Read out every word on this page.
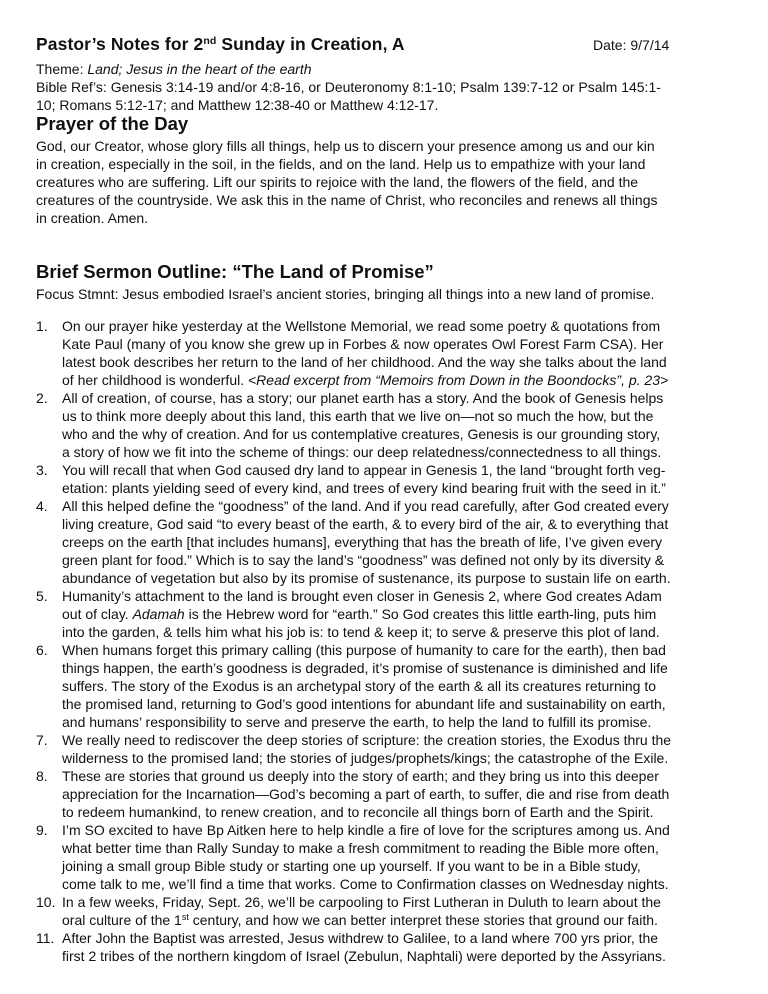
Pastor’s Notes for 2nd Sunday in Creation, A	Date: 9/7/14
Theme: Land; Jesus in the heart of the earth
Bible Ref’s: Genesis 3:14-19 and/or 4:8-16, or Deuteronomy 8:1-10; Psalm 139:7-12 or Psalm 145:1-
10; Romans 5:12-17; and Matthew 12:38-40 or Matthew 4:12-17.
Prayer of the Day
God, our Creator, whose glory fills all things, help us to discern your presence among us and our kin
in creation, especially in the soil, in the fields, and on the land. Help us to empathize with your land
creatures who are suffering. Lift our spirits to rejoice with the land, the flowers of the field, and the
creatures of the countryside. We ask this in the name of Christ, who reconciles and renews all things
in creation. Amen.
Brief Sermon Outline: “The Land of Promise”
Focus Stmnt: Jesus embodied Israel’s ancient stories, bringing all things into a new land of promise.
1. On our prayer hike yesterday at the Wellstone Memorial, we read some poetry & quotations from
Kate Paul (many of you know she grew up in Forbes & now operates Owl Forest Farm CSA). Her
latest book describes her return to the land of her childhood. And the way she talks about the land
of her childhood is wonderful. <Read excerpt from “Memoirs from Down in the Boondocks”, p. 23>
2. All of creation, of course, has a story; our planet earth has a story. And the book of Genesis helps
us to think more deeply about this land, this earth that we live on—not so much the how, but the
who and the why of creation. And for us contemplative creatures, Genesis is our grounding story,
a story of how we fit into the scheme of things: our deep relatedness/connectedness to all things.
3. You will recall that when God caused dry land to appear in Genesis 1, the land “brought forth veg-
etation: plants yielding seed of every kind, and trees of every kind bearing fruit with the seed in it.”
4. All this helped define the “goodness” of the land. And if you read carefully, after God created every
living creature, God said “to every beast of the earth, & to every bird of the air, & to everything that
creeps on the earth [that includes humans], everything that has the breath of life, I’ve given every
green plant for food.” Which is to say the land’s “goodness” was defined not only by its diversity &
abundance of vegetation but also by its promise of sustenance, its purpose to sustain life on earth.
5. Humanity’s attachment to the land is brought even closer in Genesis 2, where God creates Adam
out of clay. Adamah is the Hebrew word for “earth.” So God creates this little earth-ling, puts him
into the garden, & tells him what his job is: to tend & keep it; to serve & preserve this plot of land.
6. When humans forget this primary calling (this purpose of humanity to care for the earth), then bad
things happen, the earth’s goodness is degraded, it’s promise of sustenance is diminished and life
suffers. The story of the Exodus is an archetypal story of the earth & all its creatures returning to
the promised land, returning to God’s good intentions for abundant life and sustainability on earth,
and humans’ responsibility to serve and preserve the earth, to help the land to fulfill its promise.
7. We really need to rediscover the deep stories of scripture: the creation stories, the Exodus thru the
wilderness to the promised land; the stories of judges/prophets/kings; the catastrophe of the Exile.
8. These are stories that ground us deeply into the story of earth; and they bring us into this deeper
appreciation for the Incarnation—God’s becoming a part of earth, to suffer, die and rise from death
to redeem humankind, to renew creation, and to reconcile all things born of Earth and the Spirit.
9. I’m SO excited to have Bp Aitken here to help kindle a fire of love for the scriptures among us. And
what better time than Rally Sunday to make a fresh commitment to reading the Bible more often,
joining a small group Bible study or starting one up yourself. If you want to be in a Bible study,
come talk to me, we’ll find a time that works. Come to Confirmation classes on Wednesday nights.
10. In a few weeks, Friday, Sept. 26, we’ll be carpooling to First Lutheran in Duluth to learn about the
oral culture of the 1st century, and how we can better interpret these stories that ground our faith.
11. After John the Baptist was arrested, Jesus withdrew to Galilee, to a land where 700 yrs prior, the
first 2 tribes of the northern kingdom of Israel (Zebulun, Naphtali) were deported by the Assyrians.
